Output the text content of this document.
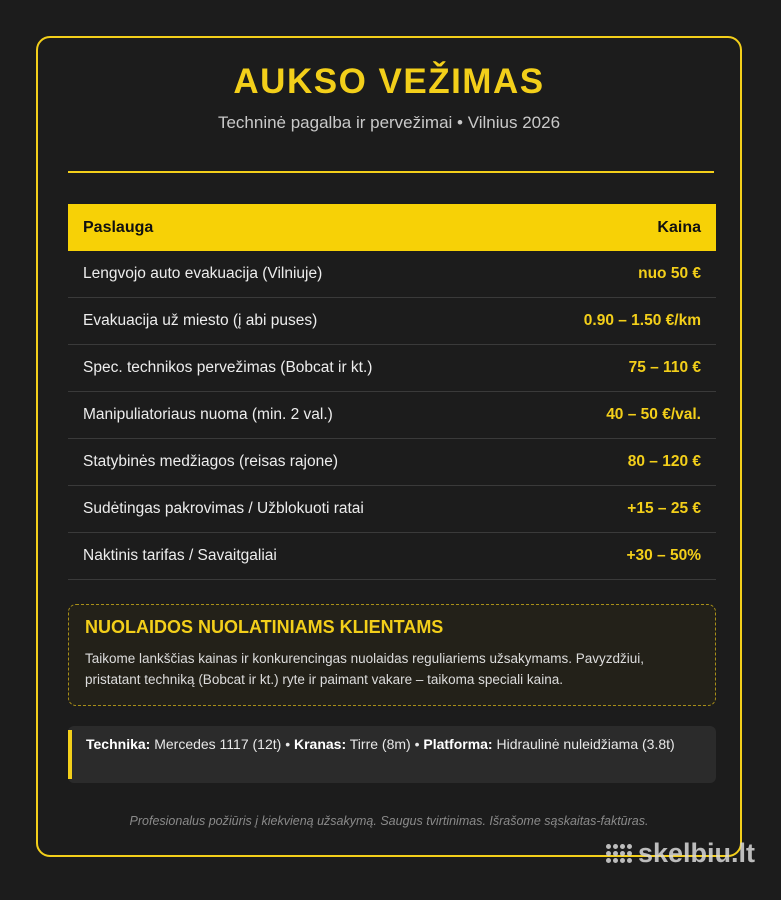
AUKSO VEŽIMAS
Techninė pagalba ir pervežimai • Vilnius 2026
Paslauga	Kaina
Lengvojo auto evakuacija (Vilniuje)	nuo 50 €
Evakuacija už miesto (į abi puses)	0.90 – 1.50 €/km
Spec. technikos pervežimas (Bobcat ir kt.)	75 – 110 €
Manipuliatoriaus nuoma (min. 2 val.)	40 – 50 €/val.
Statybinės medžiagos (reisas rajone)	80 – 120 €
Sudėtingas pakrovimas / Užblokuoti ratai	+15 – 25 €
Naktinis tarifas / Savaitgaliai	+30 – 50%
NUOLAIDOS NUOLATINIAMS KLIENTAMS
Taikome lankščias kainas ir konkurencingas nuolaidas reguliariems užsakymams. Pavyzdžiui, pristatant techniką (Bobcat ir kt.) ryte ir paimant vakare – taikoma speciali kaina.
Technika: Mercedes 1117 (12t) • Kranas: Tirre (8m) • Platforma: Hidraulinė nuleidžiama (3.8t)
Profesionalus požiūris į kiekvieną užsakymą. Saugus tvirtinimas. Išrašome sąskaitas-faktūras.
skelbiu.lt
